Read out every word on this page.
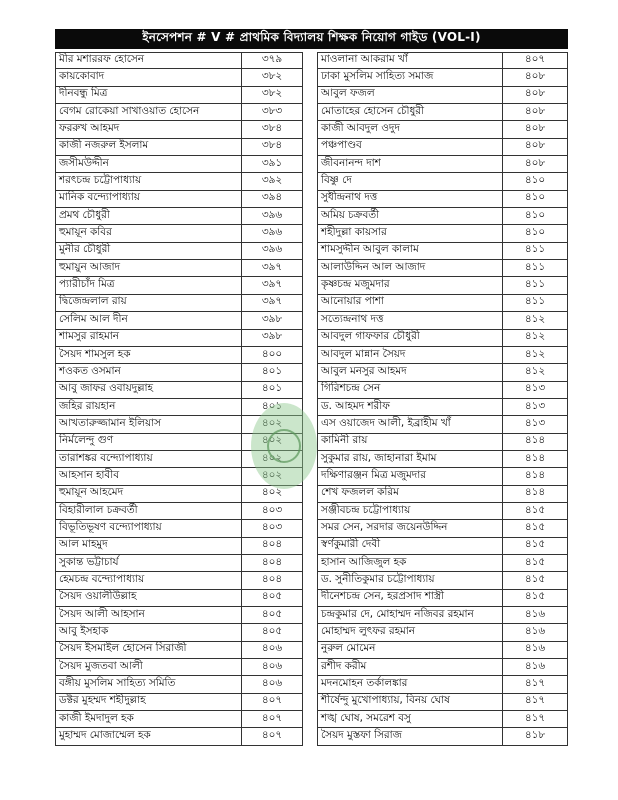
ইনসেপশন # V # প্রাথমিক বিদ্যালয় শিক্ষক নিয়োগ গাইড (VOL-I)
মীর মশাররফ হোসেন	৩৭৯
কায়কোবাদ	৩৮২
দীনবন্ধু মিত্র	৩৮২
বেগম রোকেয়া সাখাওয়াত হোসেন	৩৮৩
ফররুখ আহমদ	৩৮৪
কাজী নজরুল ইসলাম	৩৮৪
জসীমউদ্দীন	৩৯১
শরৎচন্দ্র চট্টোপাধ্যায়	৩৯২
মানিক বন্দ্যোপাধ্যায়	৩৯৪
প্রমথ চৌধুরী	৩৯৬
হুমায়ূন কবির	৩৯৬
মুনীর চৌধুরী	৩৯৬
হুমায়ুন আজাদ	৩৯৭
প্যারীচাঁদ মিত্র	৩৯৭
দ্বিজেন্দ্রলাল রায়	৩৯৭
সেলিম আল দীন	৩৯৮
শামসুর রাহমান	৩৯৮
সৈয়দ শামসুল হক	৪০০
শওকত ওসমান	৪০১
আবু জাফর ওবায়দুল্লাহ	৪০১
জহির রায়হান	৪০১
আখতারুজ্জামান ইলিয়াস	৪০২
নির্মলেন্দু গুণ	৪০২
তারাশঙ্কর বন্দ্যোপাধ্যায়	৪০২
আহসান হাবীব	৪০২
হুমায়ূন আহমেদ	৪০২
বিহারীলাল চক্রবর্তী	৪০৩
বিভূতিভূষণ বন্দ্যোপাধ্যায়	৪০৩
আল মাহমুদ	৪০৪
সুকান্ত ভট্টাচার্য	৪০৪
হেমচন্দ্র বন্দ্যোপাধ্যায়	৪০৪
সৈয়দ ওয়ালীউল্লাহ	৪০৫
সৈয়দ আলী আহসান	৪০৫
আবু ইসহাক	৪০৫
সৈয়দ ইসমাইল হোসেন সিরাজী	৪০৬
সৈয়দ মুজতবা আলী	৪০৬
বঙ্গীয় মুসলিম সাহিত্য সমিতি	৪০৬
ডক্টর মুহম্মদ শহীদুল্লাহ	৪০৭
কাজী ইমদাদুল হক	৪০৭
মুহাম্মদ মোজাম্মেল হক	৪০৭
মাওলানা আকরাম খাঁ	৪০৭
ঢাকা মুসলিম সাহিত্য সমাজ	৪০৮
আবুল ফজল	৪০৮
মোতাহের হোসেন চৌধুরী	৪০৮
কাজী আবদুল ওদুদ	৪০৮
পঞ্চপাণ্ডব	৪০৮
জীবনানন্দ দাশ	৪০৮
বিষ্ণু দে	৪১০
সুধীন্দ্রনাথ দত্ত	৪১০
অমিয় চক্রবর্তী	৪১০
শহীদুল্লা কায়সার	৪১০
শামসুদ্দীন আবুল কালাম	৪১১
আলাউদ্দিন আল আজাদ	৪১১
কৃষ্ণচন্দ্র মজুমদার	৪১১
আনোয়ার পাশা	৪১১
সত্যেন্দ্রনাথ দত্ত	৪১২
আবদুল গাফফার চৌধুরী	৪১২
আবদুল মান্নান সৈয়দ	৪১২
আবুল মনসুর আহমদ	৪১২
গিরিশচন্দ্র সেন	৪১৩
ড. আহমদ শরীফ	৪১৩
এস ওয়াজেদ আলী, ইব্রাহীম খাঁ	৪১৩
কামিনী রায়	৪১৪
সুকুমার রায়, জাহানারা ইমাম	৪১৪
দক্ষিণারঞ্জন মিত্র মজুমদার	৪১৪
শেখ ফজলল করিম	৪১৪
সঞ্জীবচন্দ্র চট্টোপাধ্যায়	৪১৫
সমর সেন, সরদার জয়েনউদ্দিন	৪১৫
স্বর্ণকুমারী দেবী	৪১৫
হাসান আজিজুল হক	৪১৫
ড. সুনীতিকুমার চট্টোপাধ্যায়	৪১৫
দীনেশচন্দ্র সেন, হরপ্রসাদ শাস্ত্রী	৪১৫
চন্দ্রকুমার দে, মোহাম্মদ নজিবর রহমান	৪১৬
মোহাম্মদ লুৎফর রহমান	৪১৬
নুরুল মোমেন	৪১৬
রশীদ করীম	৪১৬
মদনমোহন তর্কালঙ্কার	৪১৭
শীর্ষেন্দু মুখোপাধ্যায়, বিনয় ঘোষ	৪১৭
শঙ্খ ঘোষ, সমরেশ বসু	৪১৭
সৈয়দ মুস্তফা সিরাজ	৪১৮
